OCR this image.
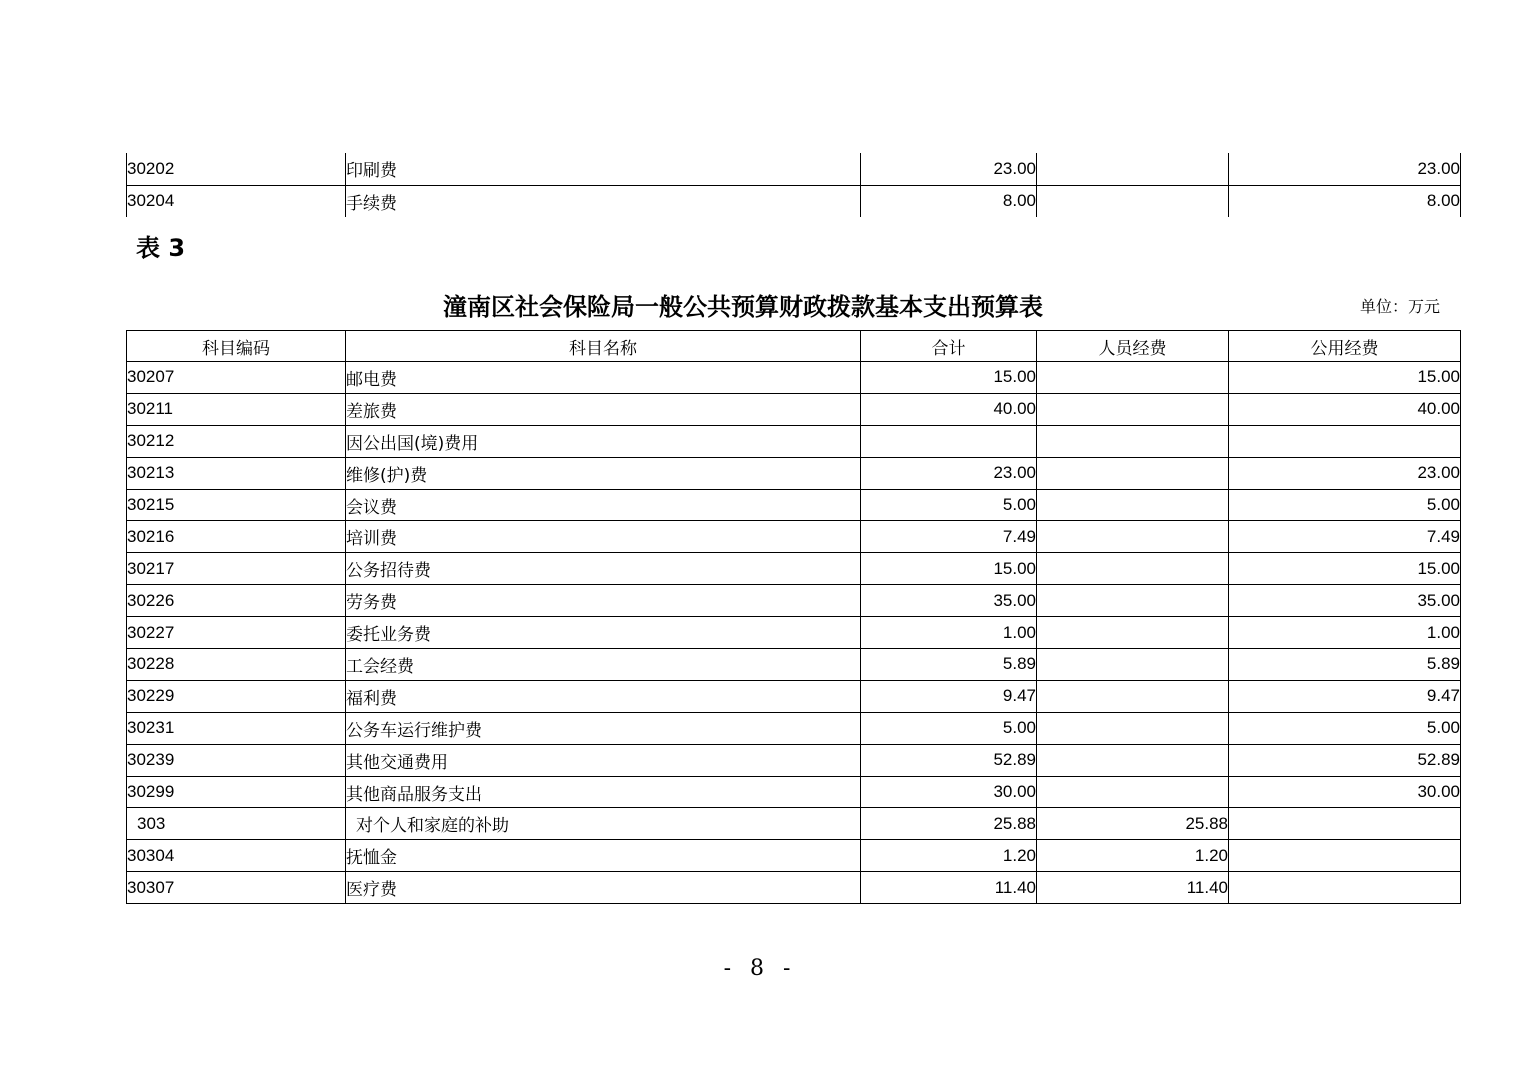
30202	印刷费	23.00		23.00
30204	手续费	8.00		8.00
表 3
潼南区社会保险局一般公共预算财政拨款基本支出预算表	单位：万元
科目编码	科目名称	合计	人员经费	公用经费
30207	邮电费	15.00		15.00
30211	差旅费	40.00		40.00
30212	因公出国(境)费用			
30213	维修(护)费	23.00		23.00
30215	会议费	5.00		5.00
30216	培训费	7.49		7.49
30217	公务招待费	15.00		15.00
30226	劳务费	35.00		35.00
30227	委托业务费	1.00		1.00
30228	工会经费	5.89		5.89
30229	福利费	9.47		9.47
30231	公务车运行维护费	5.00		5.00
30239	其他交通费用	52.89		52.89
30299	其他商品服务支出	30.00		30.00
303	对个人和家庭的补助	25.88	25.88	
30304	抚恤金	1.20	1.20	
30307	医疗费	11.40	11.40	
- 8 -
